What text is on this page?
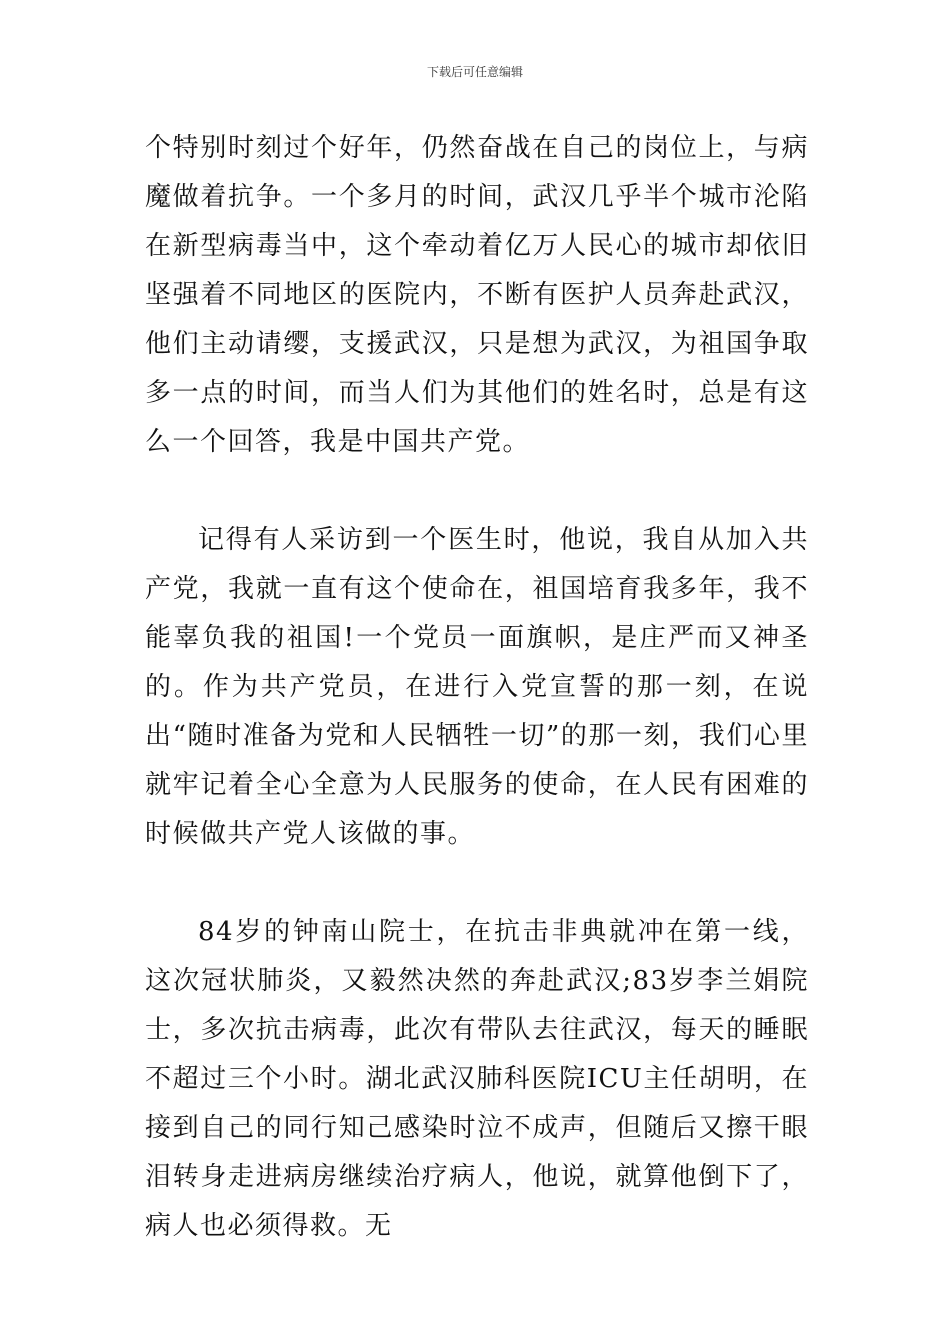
下载后可任意编辑

个特别时刻过个好年，仍然奋战在自己的岗位上，与病魔做着抗争。一个多月的时间，武汉几乎半个城市沦陷在新型病毒当中，这个牵动着亿万人民心的城市却依旧坚强着不同地区的医院内，不断有医护人员奔赴武汉，他们主动请缨，支援武汉，只是想为武汉，为祖国争取多一点的时间，而当人们为其他们的姓名时，总是有这么一个回答，我是中国共产党。

记得有人采访到一个医生时，他说，我自从加入共产党，我就一直有这个使命在，祖国培育我多年，我不能辜负我的祖国!一个党员一面旗帜，是庄严而又神圣的。作为共产党员，在进行入党宣誓的那一刻，在说出“随时准备为党和人民牺牲一切”的那一刻，我们心里就牢记着全心全意为人民服务的使命，在人民有困难的时候做共产党人该做的事。

84岁的钟南山院士，在抗击非典就冲在第一线，这次冠状肺炎，又毅然决然的奔赴武汉;83岁李兰娟院士，多次抗击病毒，此次有带队去往武汉，每天的睡眠不超过三个小时。湖北武汉肺科医院ICU主任胡明，在接到自己的同行知己感染时泣不成声，但随后又擦干眼泪转身走进病房继续治疗病人，他说，就算他倒下了，病人也必须得救。无
